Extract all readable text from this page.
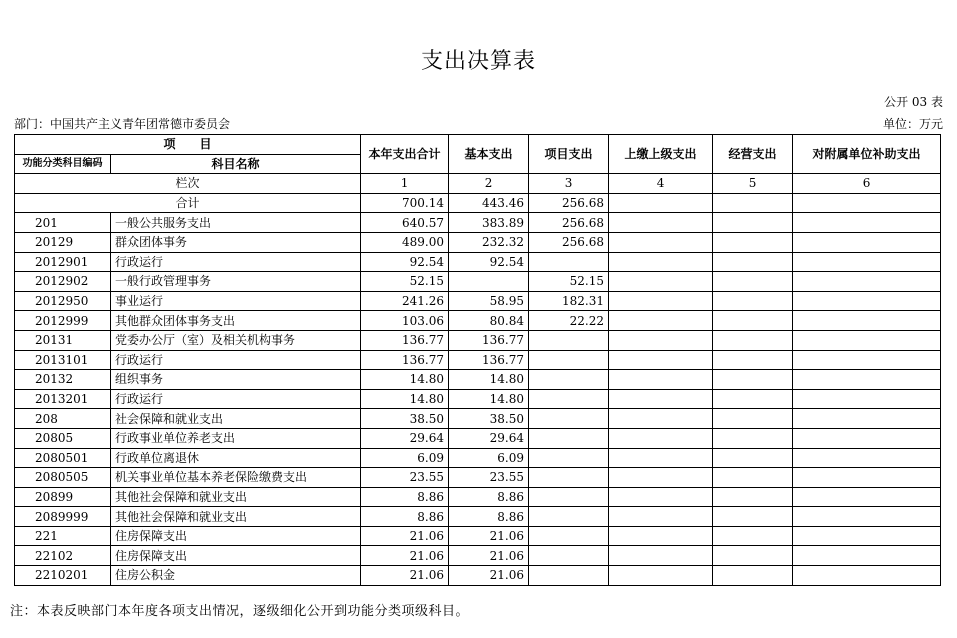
支出决算表
公开 03 表
部门：中国共产主义青年团常德市委员会	单位：万元
项　　目		本年支出合计	基本支出	项目支出	上缴上级支出	经营支出	对附属单位补助支出
功能分类科目编码	科目名称						
栏次		1	2	3	4	5	6
合计		700.14	443.46	256.68			
201	一般公共服务支出	640.57	383.89	256.68			
20129	群众团体事务	489.00	232.32	256.68			
2012901	行政运行	92.54	92.54				
2012902	一般行政管理事务	52.15		52.15			
2012950	事业运行	241.26	58.95	182.31			
2012999	其他群众团体事务支出	103.06	80.84	22.22			
20131	党委办公厅（室）及相关机构事务	136.77	136.77				
2013101	行政运行	136.77	136.77				
20132	组织事务	14.80	14.80				
2013201	行政运行	14.80	14.80				
208	社会保障和就业支出	38.50	38.50				
20805	行政事业单位养老支出	29.64	29.64				
2080501	行政单位离退休	6.09	6.09				
2080505	机关事业单位基本养老保险缴费支出	23.55	23.55				
20899	其他社会保障和就业支出	8.86	8.86				
2089999	其他社会保障和就业支出	8.86	8.86				
221	住房保障支出	21.06	21.06				
22102	住房保障支出	21.06	21.06				
2210201	住房公积金	21.06	21.06				
注：本表反映部门本年度各项支出情况，逐级细化公开到功能分类项级科目。
